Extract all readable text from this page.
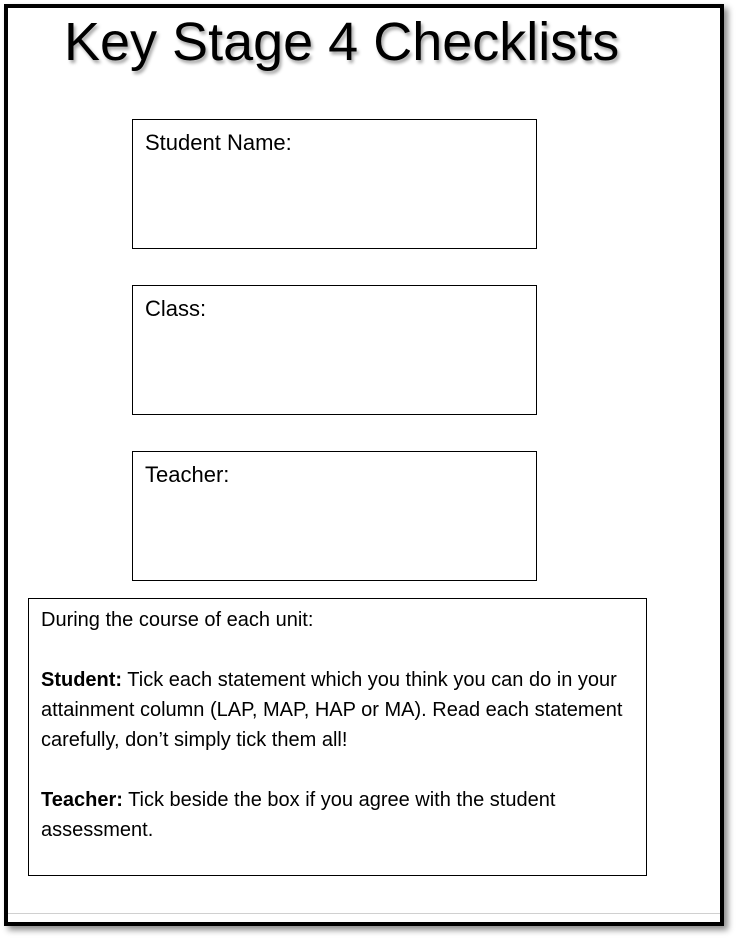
Key Stage 4 Checklists
Student Name:
Class:
Teacher:

During the course of each unit:

Student: Tick each statement which you think you can do in your attainment column (LAP, MAP, HAP or MA). Read each statement carefully, don’t simply tick them all!

Teacher: Tick beside the box if you agree with the student assessment.
